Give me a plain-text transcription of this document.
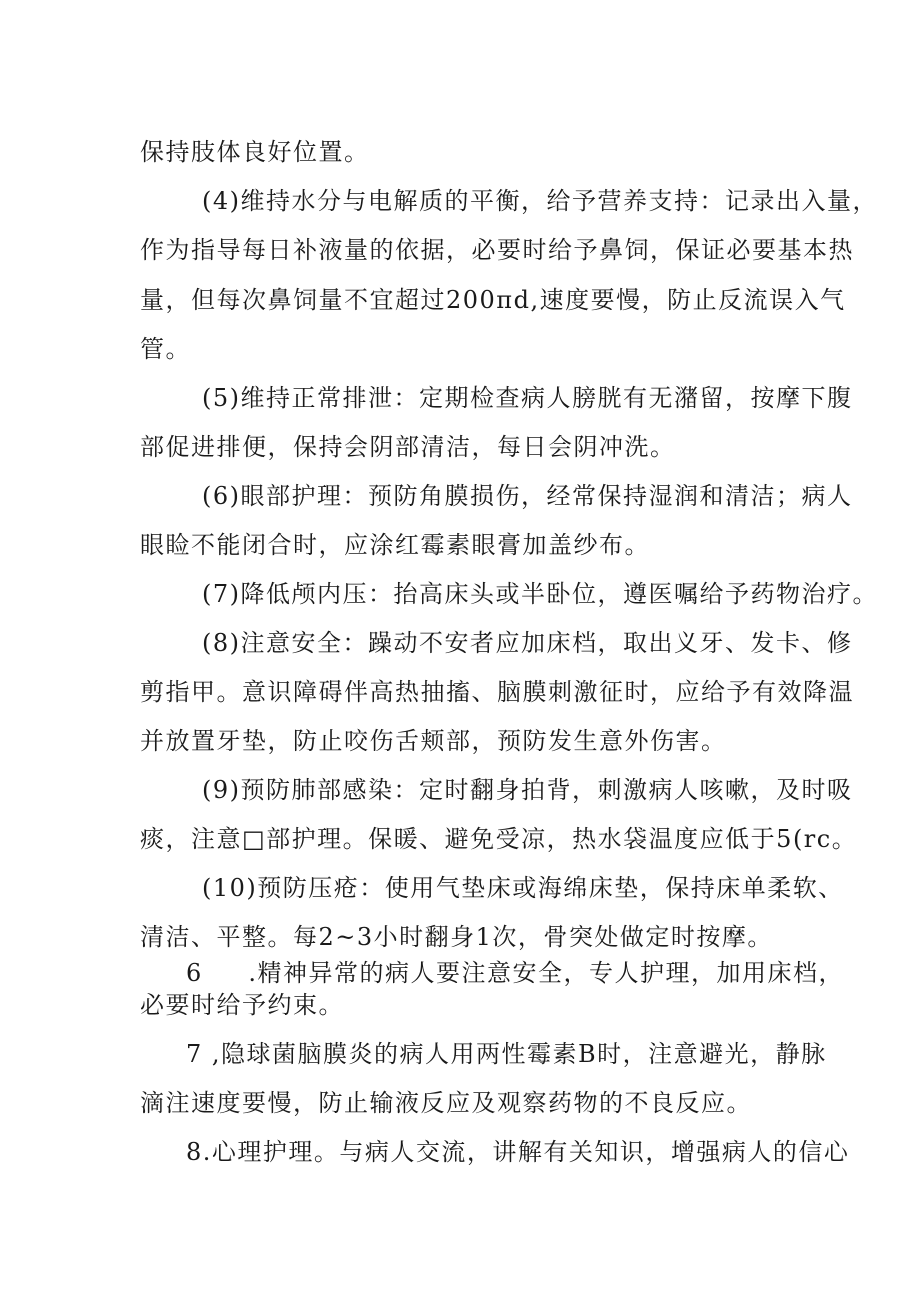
保持肢体良好位置。
(4)维持水分与电解质的平衡，给予营养支持：记录出入量，
作为指导每日补液量的依据，必要时给予鼻饲，保证必要基本热
量，但每次鼻饲量不宜超过200πd,速度要慢，防止反流误入气
管。
(5)维持正常排泄：定期检查病人膀胱有无潴留，按摩下腹
部促进排便，保持会阴部清洁，每日会阴冲洗。
(6)眼部护理：预防角膜损伤，经常保持湿润和清洁；病人
眼睑不能闭合时，应涂红霉素眼膏加盖纱布。
(7)降低颅内压：抬高床头或半卧位，遵医嘱给予药物治疗。
(8)注意安全：躁动不安者应加床档，取出义牙、发卡、修
剪指甲。意识障碍伴高热抽搐、脑膜刺激征时，应给予有效降温
并放置牙垫，防止咬伤舌颊部，预防发生意外伤害。
(9)预防肺部感染：定时翻身拍背，刺激病人咳嗽，及时吸
痰，注意□部护理。保暖、避免受凉，热水袋温度应低于5(rc。
(10)预防压疮：使用气垫床或海绵床垫，保持床单柔软、
清洁、平整。每2~3小时翻身1次，骨突处做定时按摩。
6     .精神异常的病人要注意安全，专人护理，加用床档，
必要时给予约束。
7 ,隐球菌脑膜炎的病人用两性霉素B时，注意避光，静脉
滴注速度要慢，防止输液反应及观察药物的不良反应。
8.心理护理。与病人交流，讲解有关知识，增强病人的信心
